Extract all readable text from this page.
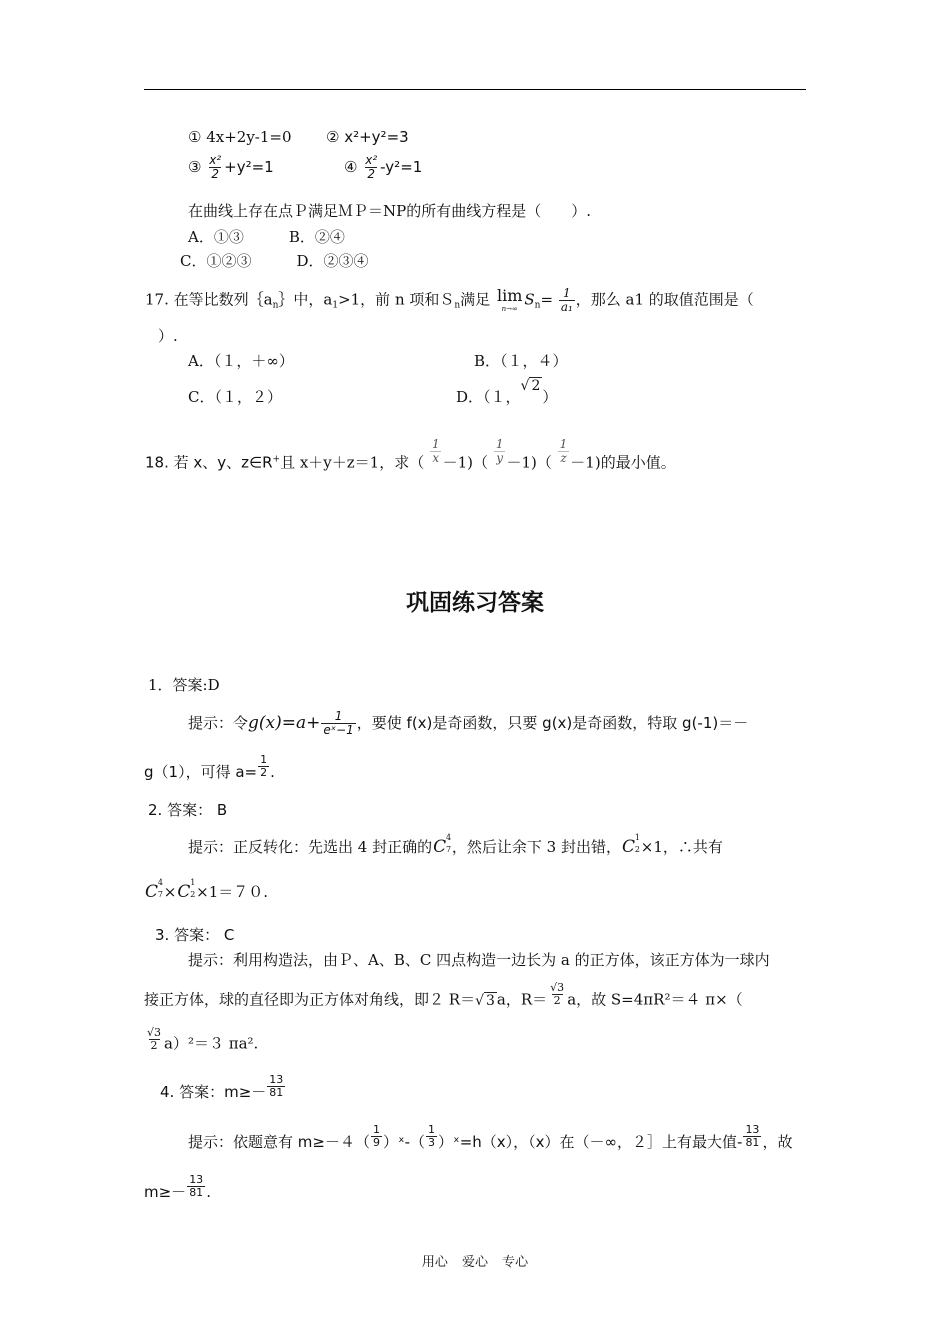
① 4x+2y-1=0 ② x²+y²=3
③ $\frac{\text{x²}}{2} +y^2=1$	④ $\frac{\text{x²}}{2} -y^2=1$
在曲线上存在点Ｐ满足ＭＰ＝NP的所有曲线方程是（　　）.
A．①③　　　B．②④
C．①②③　　　D．②③④
17. 在等比数列$\{a_n\}$中，$a_1>1$，前 n 项和Ｓ$_n$满足 lim
n→∞ $S_n= \frac{1}{\text{a₁}}$ ，那么 a1 的取值范围是（
）.
A．（１，＋∞）	B．（１，４）
C．（１，２）	D．（１，√ 2）
18. 若 x、y、z∈R+且 x＋y＋z＝1，求（ $\frac{1}{x} -1)( \frac{1}{y} -1)( \frac{1}{z} -1)$的最小值。
巩固练习答案
1．答案:D
提示：令$g(x)=a+ \frac{1}{\text{eˣ−1}}$ ，要使 f(x)是奇函数，只要 g(x)是奇函数，特取 g(-1)＝－
g（1），可得 $a= \frac{1}{2}$ .
2. 答案： B
提示：正反转化：先选出 4 封正确的C 4
7 ，然后让余下 3 封出错，C 1
2 ×1，∴共有
C 4
7 ×C 1
2 ×1＝７０.
3. 答案： C
提示：利用构造法，由Ｐ、A、B、C 四点构造一边长为 a 的正方体，该正方体为一球内
接正方体，球的直径即为正方体对角线，即２ R＝√ 3 a，$R= \frac{√3}{2}$ a，故 S=4πR²＝４ π×（
$\frac{√3}{2} a)^2=3$ πa².
4. 答案：$m\ge- \frac{13}{81}$
提示：依题意有 $m\ge-4( \frac{1}{9}$ ）ˣ-（ $\frac{1}{3}$ ）ˣ=h（x），（x）在（－∞，２］上有最大值- $\frac{13}{81}$ ，故
$m\ge- \frac{13}{81}$ .
用心 爱心 专心
